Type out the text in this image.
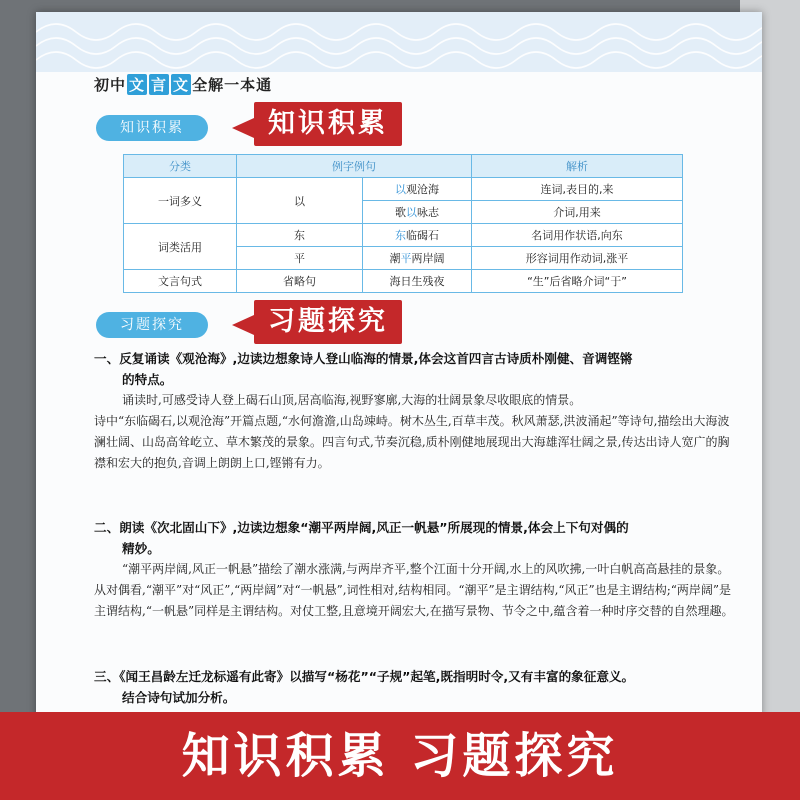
初中 文 言 文 全解一本通
知识积累	知识积累
分类	例字例句		解析
一词多义	以	以观沧海	连词,表目的,来
		歌以咏志	介词,用来
词类活用	东	东临碣石	名词用作状语,向东
	平	潮平两岸阔	形容词用作动词,涨平
文言句式	省略句	海日生残夜	“生”后省略介词“于”
习题探究	习题探究
一、反复诵读《观沧海》,边读边想象诗人登山临海的情景,体会这首四言古诗质朴刚健、音调铿锵
的特点。
诵读时,可感受诗人登上碣石山顶,居高临海,视野寥廓,大海的壮阔景象尽收眼底的情景。
诗中“东临碣石,以观沧海”开篇点题,“水何澹澹,山岛竦峙。树木丛生,百草丰茂。秋风萧瑟,洪波涌起”等诗句,描绘出大海波澜壮阔、山岛高耸屹立、草木繁茂的景象。四言句式,节奏沉稳,质朴刚健地展现出大海雄浑壮阔之景,传达出诗人宽广的胸襟和宏大的抱负,音调上朗朗上口,铿锵有力。
二、朗读《次北固山下》,边读边想象“潮平两岸阔,风正一帆悬”所展现的情景,体会上下句对偶的
精妙。
“潮平两岸阔,风正一帆悬”描绘了潮水涨满,与两岸齐平,整个江面十分开阔,水上的风吹拂,一叶白帆高高悬挂的景象。从对偶看,“潮平”对“风正”,“两岸阔”对“一帆悬”,词性相对,结构相同。“潮平”是主谓结构,“风正”也是主谓结构;“两岸阔”是主谓结构,“一帆悬”同样是主谓结构。对仗工整,且意境开阔宏大,在描写景物、节令之中,蕴含着一种时序交替的自然理趣。
三、《闻王昌龄左迁龙标遥有此寄》以描写“杨花”“子规”起笔,既指明时令,又有丰富的象征意义。
结合诗句试加分析。
知识积累 习题探究
